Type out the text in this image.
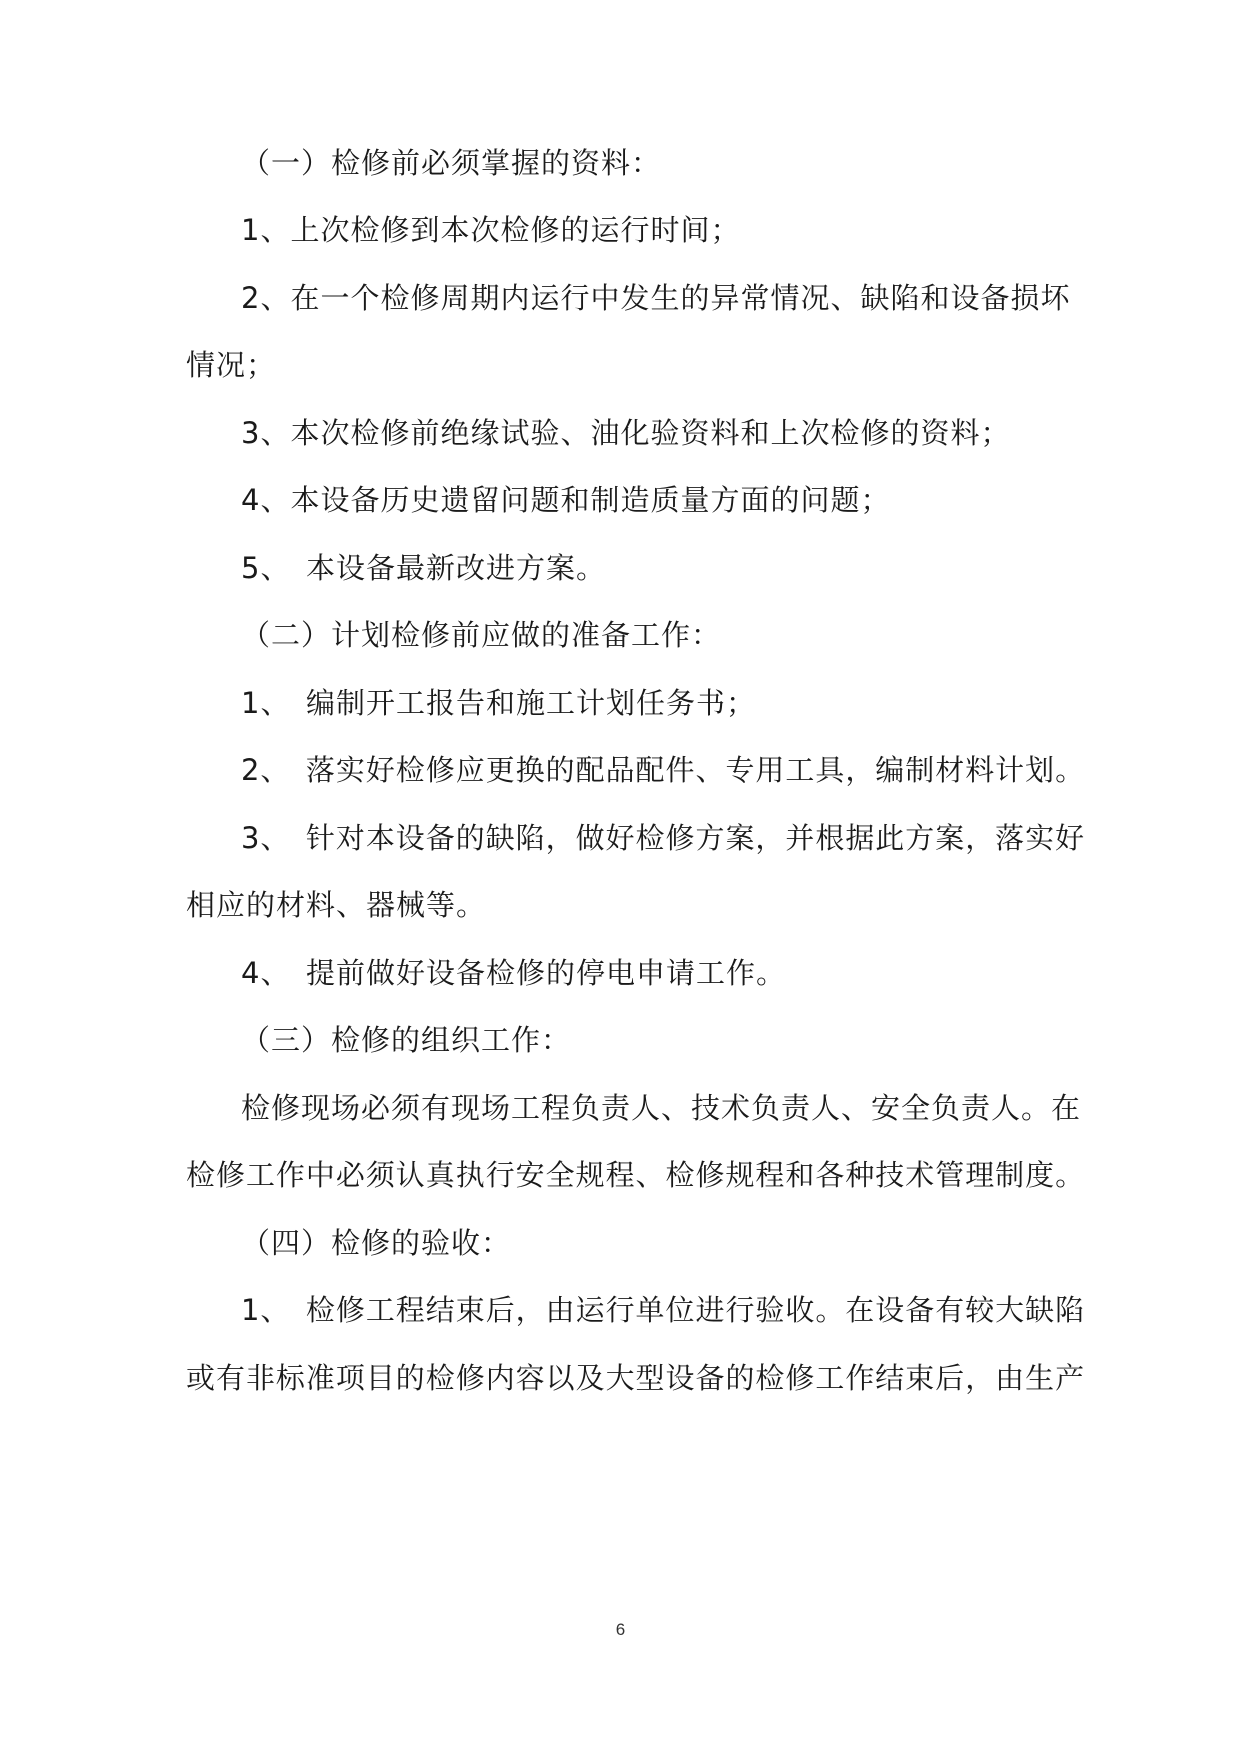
（一）检修前必须掌握的资料：
1、上次检修到本次检修的运行时间；
2、在一个检修周期内运行中发生的异常情况、缺陷和设备损坏
情况；
3、本次检修前绝缘试验、油化验资料和上次检修的资料；
4、本设备历史遗留问题和制造质量方面的问题；
5、　本设备最新改进方案。
（二）计划检修前应做的准备工作：
1、　编制开工报告和施工计划任务书；
2、　落实好检修应更换的配品配件、专用工具，编制材料计划。
3、　针对本设备的缺陷，做好检修方案，并根据此方案，落实好
相应的材料、器械等。
4、　提前做好设备检修的停电申请工作。
（三）检修的组织工作：
检修现场必须有现场工程负责人、技术负责人、安全负责人。在
检修工作中必须认真执行安全规程、检修规程和各种技术管理制度。
（四）检修的验收：
1、　检修工程结束后，由运行单位进行验收。在设备有较大缺陷
或有非标准项目的检修内容以及大型设备的检修工作结束后，由生产
6
